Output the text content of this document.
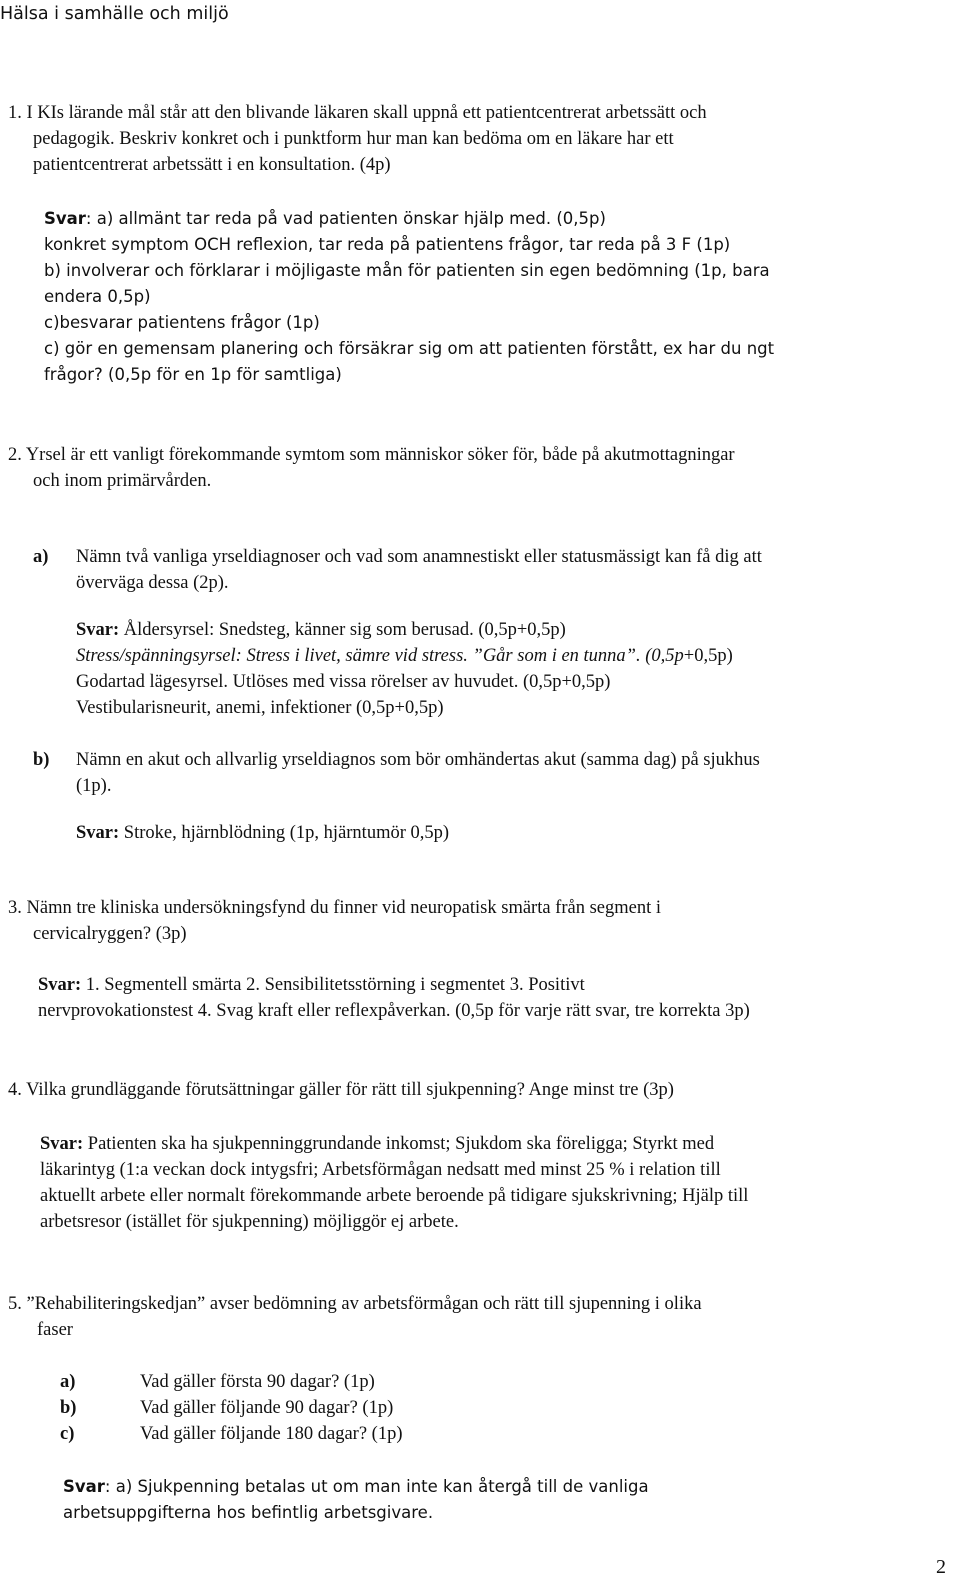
Hälsa i samhälle och miljö
1. I KIs lärande mål står att den blivande läkaren skall uppnå ett patientcentrerat arbetssätt och
pedagogik. Beskriv konkret och i punktform hur man kan bedöma om en läkare har ett
patientcentrerat arbetssätt i en konsultation. (4p)
Svar: a) allmänt tar reda på vad patienten önskar hjälp med. (0,5p)
konkret symptom OCH reflexion, tar reda på patientens frågor, tar reda på 3 F (1p)
b) involverar och förklarar i möjligaste mån för patienten sin egen bedömning (1p, bara
endera 0,5p)
c)besvarar patientens frågor (1p)
c) gör en gemensam planering och försäkrar sig om att patienten förstått, ex har du ngt
frågor? (0,5p för en 1p för samtliga)
2. Yrsel är ett vanligt förekommande symtom som människor söker för, både på akutmottagningar
och inom primärvården.
a) Nämn två vanliga yrseldiagnoser och vad som anamnestiskt eller statusmässigt kan få dig att
överväga dessa (2p).
Svar: Åldersyrsel: Snedsteg, känner sig som berusad. (0,5p+0,5p)
Stress/spänningsyrsel: Stress i livet, sämre vid stress. ”Går som i en tunna”. (0,5p+0,5p)
Godartad lägesyrsel. Utlöses med vissa rörelser av huvudet. (0,5p+0,5p)
Vestibularisneurit, anemi, infektioner (0,5p+0,5p)
b) Nämn en akut och allvarlig yrseldiagnos som bör omhändertas akut (samma dag) på sjukhus
(1p).
Svar: Stroke, hjärnblödning (1p, hjärntumör 0,5p)
3. Nämn tre kliniska undersökningsfynd du finner vid neuropatisk smärta från segment i
cervicalryggen? (3p)
Svar: 1. Segmentell smärta 2. Sensibilitetsstörning i segmentet 3. Positivt
nervprovokationstest 4. Svag kraft eller reflexpåverkan. (0,5p för varje rätt svar, tre korrekta 3p)
4. Vilka grundläggande förutsättningar gäller för rätt till sjukpenning? Ange minst tre (3p)
Svar: Patienten ska ha sjukpenninggrundande inkomst; Sjukdom ska föreligga; Styrkt med
läkarintyg (1:a veckan dock intygsfri; Arbetsförmågan nedsatt med minst 25 % i relation till
aktuellt arbete eller normalt förekommande arbete beroende på tidigare sjukskrivning; Hjälp till
arbetsresor (istället för sjukpenning) möjliggör ej arbete.
5. ”Rehabiliteringskedjan” avser bedömning av arbetsförmågan och rätt till sjupenning i olika
faser
a)	Vad gäller första 90 dagar? (1p)
b)	Vad gäller följande 90 dagar? (1p)
c)	Vad gäller följande 180 dagar? (1p)
Svar: a) Sjukpenning betalas ut om man inte kan återgå till de vanliga
arbetsuppgifterna hos befintlig arbetsgivare.
2
